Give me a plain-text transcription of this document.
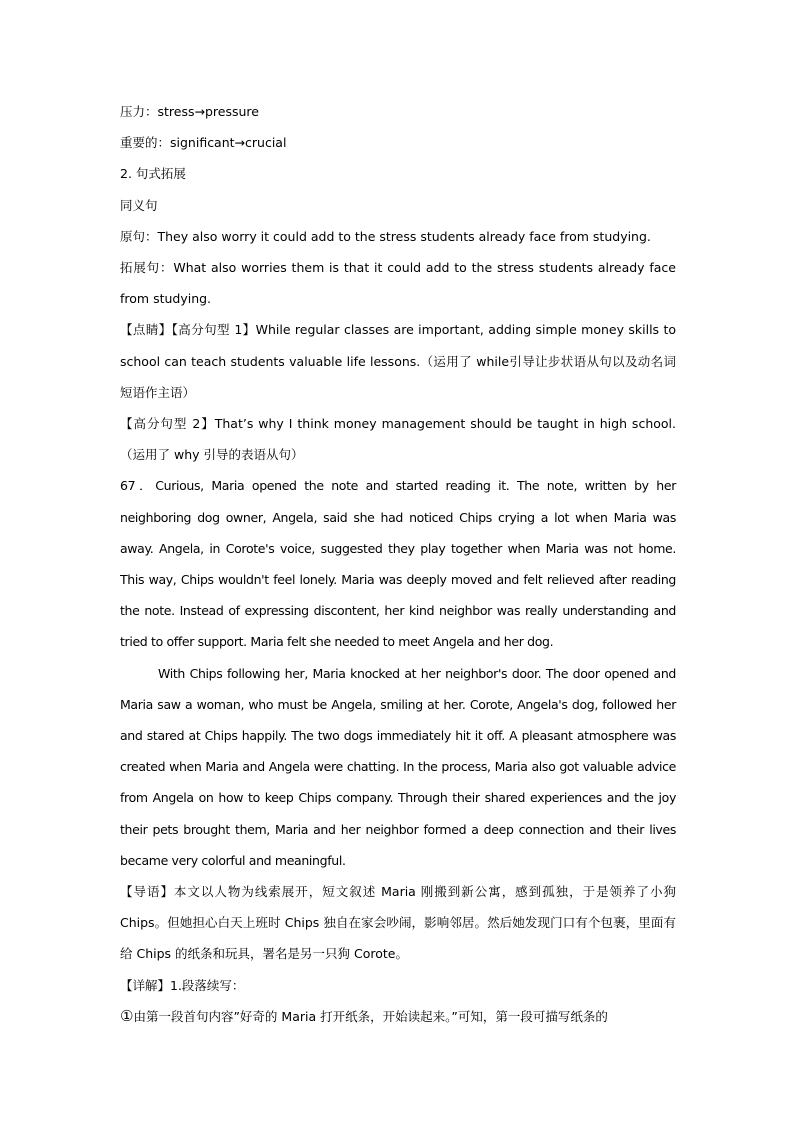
压力：stress→pressure

重要的：significant→crucial

2. 句式拓展

同义句

原句：They also worry it could add to the stress students already face from studying.

拓展句：What also worries them is that it could add to the stress students already face from studying.

【点睛】【高分句型 1】While regular classes are important, adding simple money skills to school can teach students valuable life lessons.（运用了 while引导让步状语从句以及动名词短语作主语）

【高分句型 2】That’s why I think money management should be taught in high school.（运用了 why 引导的表语从句）

67．Curious, Maria opened the note and started reading it. The note, written by her neighboring dog owner, Angela, said she had noticed Chips crying a lot when Maria was away. Angela, in Corote's voice, suggested they play together when Maria was not home. This way, Chips wouldn't feel lonely. Maria was deeply moved and felt relieved after reading the note. Instead of expressing discontent, her kind neighbor was really understanding and tried to offer support. Maria felt she needed to meet Angela and her dog.

With Chips following her, Maria knocked at her neighbor's door. The door opened and Maria saw a woman, who must be Angela, smiling at her. Corote, Angela's dog, followed her and stared at Chips happily. The two dogs immediately hit it off. A pleasant atmosphere was created when Maria and Angela were chatting. In the process, Maria also got valuable advice from Angela on how to keep Chips company. Through their shared experiences and the joy their pets brought them, Maria and her neighbor formed a deep connection and their lives became very colorful and meaningful.

【导语】本文以人物为线索展开，短文叙述 Maria 刚搬到新公寓，感到孤独，于是领养了小狗 Chips。但她担心白天上班时 Chips 独自在家会吵闹，影响邻居。然后她发现门口有个包裹，里面有给 Chips 的纸条和玩具，署名是另一只狗 Corote。

【详解】1.段落续写：

①由第一段首句内容”好奇的 Maria 打开纸条，开始读起来。”可知，第一段可描写纸条的
